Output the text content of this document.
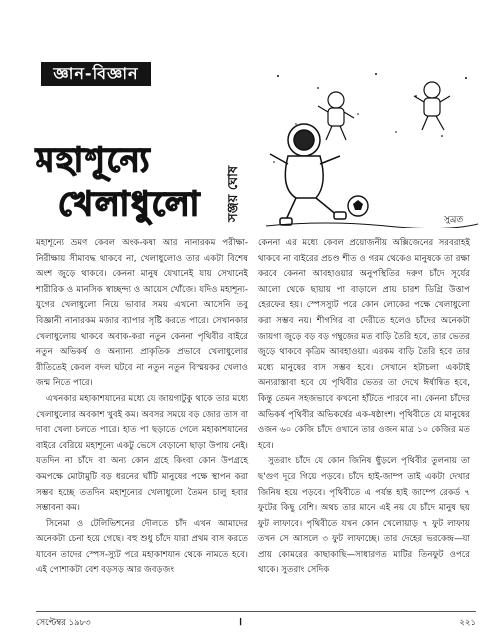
জ্ঞান-বিজ্ঞান
মহাশূন্যে
খেলাধুলো সঞ্জয় ঘোষ	সুব্রত

মহাশূন্যে ভ্রমণ কেবল অংক-কষা আর নানারকম পরীক্ষা-নিরীক্ষায় সীমাবদ্ধ থাকবে না, খেলাধুলোও তার একটা বিশেষ অংশ জুড়ে থাকবে। কেননা মানুষ যেখানেই যায় সেখানেই শারীরিক ও মানসিক স্বাচ্ছন্দ্য ও আয়েস খোঁজে। যদিও মহাশূন্য-যুগের খেলাধুলো নিয়ে ভাবার সময় এখনো আসেনি তবু বিজ্ঞানী নানারকম মজার ব্যাপার সৃষ্টি করতে পারে। সেখানকার খেলাধুলোয় থাকবে অবাক-করা নতুন কেননা পৃথিবীর বাইরে নতুন অভিকর্ষ ও অন্যান্য প্রাকৃতিক প্রভাবে খেলাধুলোর রীতিতেই কেবল বদল ঘটবে না নতুন নতুন বিস্ময়কর খেলাও জন্ম নিতে পারে।

এখনকার মহাকাশযানের মধ্যে যে জায়গাটুকু থাকে তার মধ্যে খেলাধুলোর অবকাশ খুবই কম। অবসর সময়ে বড় জোর তাস বা দাবা খেলা চলতে পারে। হাত পা ছড়াতে গেলে মহাকাশযানের বাইরে বেরিয়ে মহাশূন্যে একটু ভেসে বেড়ানো ছাড়া উপায় নেই। যতদিন না চাঁদে বা অন্য কোন গ্রহে কিংবা কোন উপগ্রহে কমপক্ষে মোটামুটি বড় ধরনের ঘাঁটি মানুষের পক্ষে স্থাপন করা সম্ভব হচ্ছে ততদিন মহাশূন্যের খেলাধুলো তৈমন চালু হবার সম্ভাবনা কম।

সিনেমা ও টেলিভিশনের দৌলতে চাঁদ এখন আমাদের অনেকটা চেনা হয়ে গেছে। বহু শুধু চাঁদে যারা প্রথম বাস করতে যাবেন তাদের স্পেস-স্যুট পরে মহাকাশযান থেকে নামতে হবে। এই পোশাকটা বেশ বড়সড় আর জবড়জং

কেননা এর মধ্যে কেবল প্রয়োজনীয় অক্সিজেনের সরবরাহই থাকবে না বাইরের প্রচণ্ড শীত ও গরম থেকেও মানুষকে তা রক্ষা করবে কেননা আবহাওয়ার অনুপস্থিতির দরুণ চাঁদে সূর্যের আলো থেকে ছায়ায় পা বাড়ালে প্রায় চারশ ডিগ্রি উত্তাপ হেরফের হয়। স্পেসস্যুট পরে কোন লোকের পক্ষে খেলাধুলো করা সম্ভব নয়। শীগগির বা দেরীতে হলেও চাঁদের অনেকটা জায়গা জুড়ে বড় বড় গম্বুজের মত বাড়ি তৈরি হবে, তার ভেতর জুড়ে থাকবে কৃত্রিম আবহাওয়া। এরকম বাড়ি তৈরি হবে তার মধ্যে মানুষের বাস সম্ভব হবে। সেখানে হটাচলা একটাই অন্যরাস্তাবা হবে যে পৃথিবীর ভেতর তা দেখে ঈর্ষান্বিত হবে, কিন্তু তেমন সহজভাবে কখনো হাঁটতে পারবে না। কেননা চাঁদের অভিকর্ষ পৃথিবীর অভিকর্ষের এক-ষষ্ঠাংশ। পৃথিবীতে যে মানুষের ওজন ৬০ কেজি চাঁদে ওখানে তার ওজন মাত্র ১০ কেজির মত হবে।

সুতরাং চাঁদে যে কোন জিনিষ ছুঁড়লে পৃথিবীর তুলনায় তা ছ'গুণ দূরে গিয়ে পড়বে। চাঁদে হাই-জাম্প তাই একটা দেখার জিনিষ হয়ে পড়বে। পৃথিবীতে এ পর্যন্ত হাই জাম্পে রেকর্ড ৭ ফুটের কিছু বেশি। অথচ তার মানে এই নয় যে চাঁদে মানুষ ছয় ফুট লাফাবে। পৃথিবীতে যখন কোন খেলোয়াড় ৭ ফুট লাফায় তখন সে আসলে ৩ ফুট লাফাচ্ছে। তার দেহের ভরকেন্দ্র—যা প্রায় কোমরের কাছাকাছি—সাধারণত মাটির তিনফুট ওপরে থাকে। সুতরাং সেদিক

সেপ্টেম্বর ১৯৮৩	।	২২১
